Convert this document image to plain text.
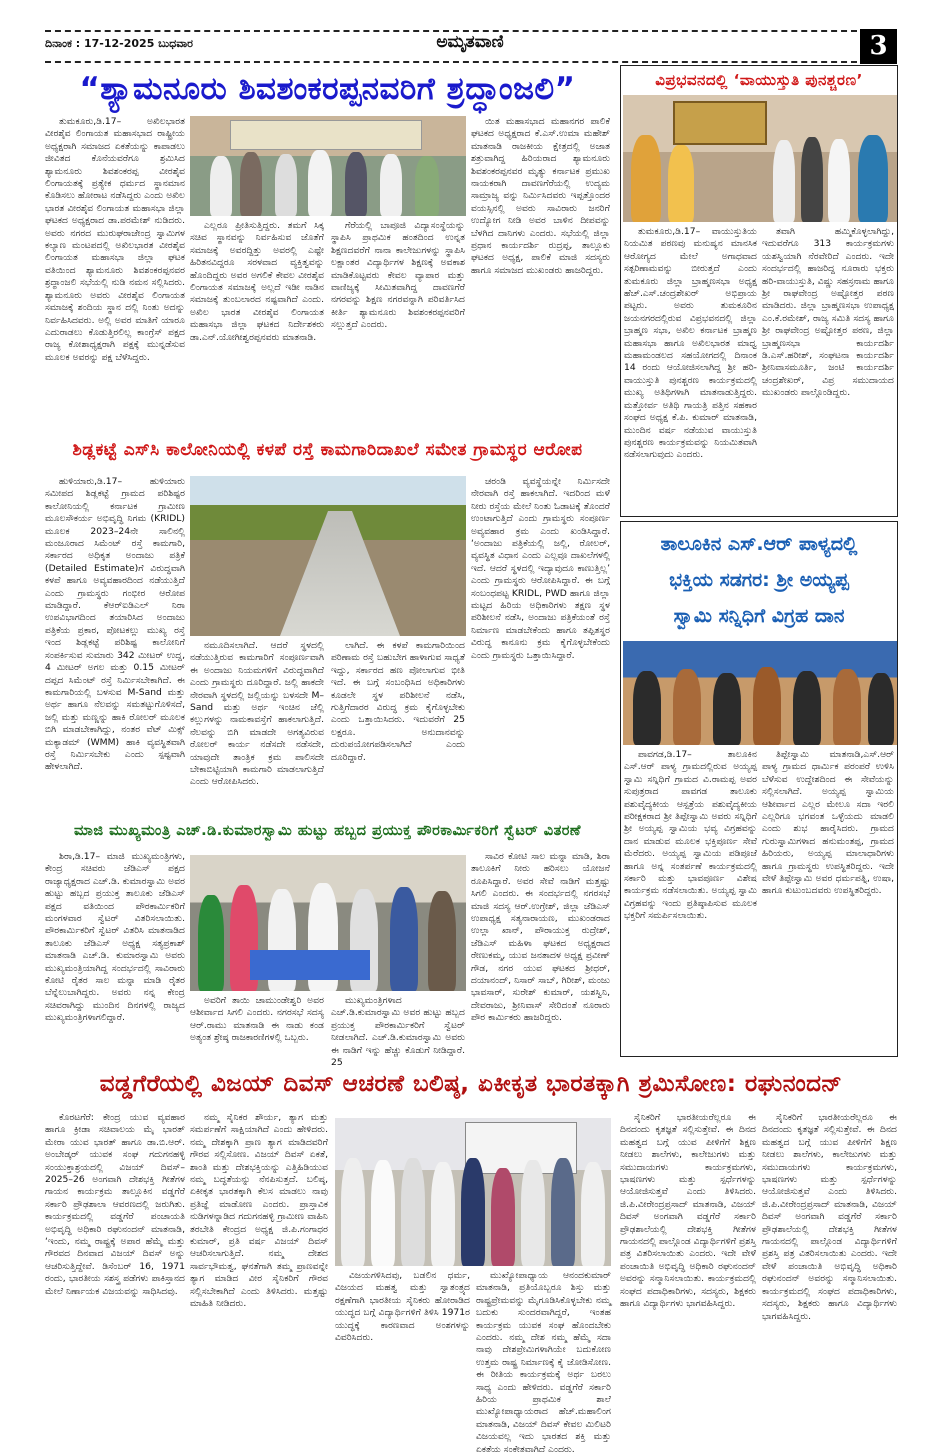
ದಿನಾಂಕ : 17-12-2025 ಬುಧವಾರ	ಅಮೃತವಾಣಿ	3
“ಶ್ಯಾಮನೂರು ಶಿವಶಂಕರಪ್ಪನವರಿಗೆ ಶ್ರದ್ಧಾಂಜಲಿ”
ತುಮಕೂರು,ಡಿ.17– ಅಖಿಲಭಾರತ ವೀರಶೈವ ಲಿಂಗಾಯತ ಮಹಾಸಭಾದ ರಾಷ್ಟ್ರೀಯ ಅಧ್ಯಕ್ಷರಾಗಿ ಸಮಾಜದ ಏಕತೆಯನ್ನು ಕಾಪಾಡಲು ಜೀವಿತದ ಕೊನೆಯವರೆಗೂ ಶ್ರಮಿಸಿದ ಶ್ಯಾಮನೂರು ಶಿವಶಂಕರಪ್ಪ ವೀರಶೈವ ಲಿಂಗಾಯತಕ್ಕೆ ಪ್ರತ್ಯೇಕ ಧರ್ಮದ ಸ್ಥಾನಮಾನ ಕೊಡಿಸಲು ಹೋರಾಟ ನಡೆಸಿದ್ದರು ಎಂದು ಅಖಿಲ ಭಾರತ ವೀರಶೈವ ಲಿಂಗಾಯತ ಮಹಾಸಭಾ ಜಿಲ್ಲಾ ಘಟಕದ ಅಧ್ಯಕ್ಷರಾದ ಡಾ.ಪರಮೇಶ್ ನುಡಿದರು. ಅವರು ನಗರದ ಮುರುಘರಾಜೇಂದ್ರ ಸ್ವಾಮಿಗಳ ಕಲ್ಯಾಣ ಮಂಟಪದಲ್ಲಿ ಅಖಿಲಭಾರತ ವೀರಶೈವ ಲಿಂಗಾಯತ ಮಹಾಸಭಾ ಜಿಲ್ಲಾ ಘಟಕ ವತಿಯಿಂದ ಶ್ಯಾಮನೂರು ಶಿವಶಂಕರಪ್ಪನವರ ಶ್ರದ್ಧಾಂಜಲಿ ಸಭೆಯಲ್ಲಿ ನುಡಿ ನಮನ ಸಲ್ಲಿಸಿದರು. ಶ್ಯಾಮನೂರು ಅವರು ವೀರಶೈವ ಲಿಂಗಾಯತ ಸಮಾಜಕ್ಕೆ ಶಂದಿಯ ಸ್ಥಾನ ದಲ್ಲಿ ನಿಂತು ಅದನ್ನು ನಿರ್ವಹಿಸಿದವರು. ಅಲ್ಲಿ ಅವರ ಮಾತಿಗೆ ಯಾರೂ ಎದುರಾಡಲು ಕೊಡುತ್ತಿರಲಿಲ್ಲ ಕಾಂಗ್ರೆಸ್ ಪಕ್ಷದ ರಾಜ್ಯ ಕೋಶಾಧ್ಯಕ್ಷರಾಗಿ ಪಕ್ಷಕ್ಕೆ ಮುನ್ನಡೆಸುವ ಮೂಲಕ ಅವರನ್ನು ಪಕ್ಷ ಬೆಳೆಸಿದ್ದರು.
ಎಲ್ಲರೂ ಪ್ರೀತಿಸುತ್ತಿದ್ದರು. ತಮಗೆ ಸಿಕ್ಕ ಸಚಿವ ಸ್ಥಾನವನ್ನು ನಿರ್ವಹಿಸುವ ಜೊತೆಗೆ ಸಮಾಜಕ್ಕೆ ಅವರದ್ದಿತ್ತು ಅವರಲ್ಲಿ ಎಷ್ಟೇ ಹಿರಿತನವಿದ್ದರೂ ಸರಳವಾದ ವ್ಯಕ್ತಿತ್ವವನ್ನು ಹೊಂದಿದ್ದರು ಅವರ ಅಗಲಿಕೆ ಕೇವಲ ವೀರಶೈವ ಲಿಂಗಾಯತ ಸಮಾಜಕ್ಕೆ ಅಲ್ಲದೆ ಇಡೀ ನಾಡಿನ ಸಮಾಜಕ್ಕೆ ತುಂಬಲಾರದ ನಷ್ಟವಾಗಿದೆ ಎಂದು. ಅಖಿಲ ಭಾರತ ವೀರಶೈವ ಲಿಂಗಾಯತ ಮಹಾಸಭಾ ಜಿಲ್ಲಾ ಘಟಕದ ನಿರ್ದೇಶಕರು ಡಾ.ಎನ್.ಯೋಗೀಶ್ವರಪ್ಪನವರು ಮಾತನಾಡಿ.
ಗೆರೆಯಲ್ಲಿ ಬಾಪೂಜಿ ವಿದ್ಯಾಸಂಸ್ಥೆಯನ್ನು ಸ್ಥಾಪಿಸಿ ಪ್ರಾಥಮಿಕ ಹಂತದಿಂದ ಉನ್ನತ ಶಿಕ್ಷಣದವರೆಗೆ ನಾನಾ ಕಾಲೇಜುಗಳನ್ನು ಸ್ಥಾಪಿಸಿ ಲಕ್ಷಾಂತರ ವಿದ್ಯಾರ್ಥಿಗಳ ಶಿಕ್ಷಣಕ್ಕೆ ಅವಕಾಶ ಮಾಡಿಕೊಟ್ಟವರು ಕೇವಲ ವ್ಯಾಪಾರ ಮತ್ತು ವಾಣಿಜ್ಯಕ್ಕೆ ಸೀಮಿತವಾಗಿದ್ದ ದಾವಣಗೆರೆ ನಗರವನ್ನು ಶಿಕ್ಷಣ ನಗರವನ್ನಾಗಿ ಪರಿವರ್ತಿಸಿದ ಕೀರ್ತಿ ಶ್ಯಾಮನೂರು ಶಿವಶಂಕರಪ್ಪನವರಿಗೆ ಸಲ್ಲುತ್ತದೆ ಎಂದರು.
ಯಿತ ಮಹಾಸಭಾದ ಮಹಾನಗರ ಪಾಲಿಕೆ ಘಟಕದ ಅಧ್ಯಕ್ಷರಾದ ಕೆ.ಎಸ್.ಉಮಾ ಮಹೇಶ್ ಮಾತನಾಡಿ ರಾಜಕೀಯ ಕ್ಷೇತ್ರದಲ್ಲಿ ಅಜಾತ ಶತ್ರುವಾಗಿದ್ದ ಹಿರಿಯರಾದ ಶ್ಯಾಮನೂರು ಶಿವಶಂಕರಪ್ಪನವರ ಮೃತ್ಯು ಕರ್ನಾಟಕ ಪ್ರಮುಖ ನಾಯಕರಾಗಿ ದಾವಣಗೆರೆಯಲ್ಲಿ ಉದ್ಯಮ ಸಾಮ್ರಾಜ್ಯ ವನ್ನು ನಿರ್ಮಿಸಿದವರು ಇಪ್ಪತ್ತೊಂದರ ವಯಸ್ಸಿನಲ್ಲಿ ಅವರು ಸಾವಿರಾರು ಜನರಿಗೆ ಉದ್ಯೋಗ ನೀಡಿ ಅವರ ಬಾಳಿನ ದೀಪವನ್ನು ಬೆಳಗಿದ ದಾನಿಗಳು ಎಂದರು. ಸಭೆಯಲ್ಲಿ ಜಿಲ್ಲಾ ಪ್ರಧಾನ ಕಾರ್ಯದರ್ಶಿ ರುದ್ರಪ್ಪ, ತಾಲ್ಲೂಕು ಘಟಕದ ಅಧ್ಯಕ್ಷ, ಪಾಲಿಕೆ ಮಾಜಿ ಸದಸ್ಯರು ಹಾಗೂ ಸಮಾಜದ ಮುಖಂಡರು ಹಾಜರಿದ್ದರು.
ವಿಪ್ರಭವನದಲ್ಲಿ ‘ವಾಯುಸ್ತುತಿ ಪುನಶ್ಚರಣ’
ತುಮಕೂರು,ಡಿ.17– ವಾಯುಸ್ತುತಿಯ ನಿಯಮಿತ ಪಠಣವು ಮನುಷ್ಯನ ಮಾನಸಿಕ ಆರೋಗ್ಯದ ಮೇಲೆ ಅಗಾಧವಾದ ಸತ್ಪರಿಣಾಮವನ್ನು ಬೀರುತ್ತದೆ ಎಂದು ತುಮಕೂರು ಜಿಲ್ಲಾ ಬ್ರಾಹ್ಮಣಸಭಾ ಅಧ್ಯಕ್ಷ ಹೆಚ್.ಎಸ್.ಚಂದ್ರಶೇಖರ್ ಅಭಿಪ್ರಾಯ ಪಟ್ಟರು. ಅವರು ತುಮಕೂರಿನ ಜಯನಗರದಲ್ಲಿರುವ ವಿಪ್ರಭವನದಲ್ಲಿ ಜಿಲ್ಲಾ ಬ್ರಾಹ್ಮಣ ಸಭಾ, ಅಖಿಲ ಕರ್ನಾಟಕ ಬ್ರಾಹ್ಮಣ ಮಹಾಸಭಾ ಹಾಗೂ ಅಖಿಲಭಾರತ ಮಾಧ್ವ ಮಹಾಮಂಡಲದ ಸಹಯೋಗದಲ್ಲಿ ದಿನಾಂಕ 14 ರಂದು ಆಯೋಜಿಸಲಾಗಿದ್ದ ಶ್ರೀ ಹರಿ-ವಾಯುಸ್ತುತಿ ಪುನಶ್ಚರಣ ಕಾರ್ಯಕ್ರಮದಲ್ಲಿ ಮುಖ್ಯ ಅತಿಥಿಗಳಾಗಿ ಮಾತನಾಡುತ್ತಿದ್ದರು. ಮತ್ತೋರ್ವ ಅತಿಥಿ ಗಾಯತ್ರಿ ಪತ್ತಿನ ಸಹಕಾರ ಸಂಘದ ಅಧ್ಯಕ್ಷ ಕೆ.ಪಿ. ಕುಮಾರ್ ಮಾತನಾಡಿ, ಮುಂದಿನ ವರ್ಷ ನಡೆಯುವ ವಾಯುಸ್ತುತಿ ಪುನಶ್ಚರಣ ಕಾರ್ಯಕ್ರಮವನ್ನು ನಿಯಮಿತವಾಗಿ ನಡೆಸಲಾಗುವುದು ಎಂದರು.
ತವಾಗಿ ಹಮ್ಮಿಕೊಳ್ಳಲಾಗಿದ್ದು, ಇದುವರೆಗೂ 313 ಕಾರ್ಯಕ್ರಮಗಳು ಯಶಸ್ವಿಯಾಗಿ ನೆರವೇರಿದೆ ಎಂದರು. ಇದೇ ಸಂದರ್ಭದಲ್ಲಿ ಹಾಜರಿದ್ದ ನೂರಾರು ಭಕ್ತರು ಹರಿ-ವಾಯುಸ್ತುತಿ, ವಿಷ್ಣು ಸಹಸ್ರನಾಮ ಹಾಗೂ ಶ್ರೀ ರಾಘವೇಂದ್ರ ಅಷ್ಟೋತ್ತರ ಪಠಣ ಮಾಡಿದರು. ಜಿಲ್ಲಾ ಬ್ರಾಹ್ಮಣಸಭಾ ಉಪಾಧ್ಯಕ್ಷ ಎಂ.ಕೆ.ರಮೇಶ್, ರಾಜ್ಯ ಸಮಿತಿ ಸದಸ್ಯ ಹಾಗೂ ಶ್ರೀ ರಾಘವೇಂದ್ರ ಅಷ್ಟೋತ್ತರ ಪಠಣ, ಜಿಲ್ಲಾ ಬ್ರಾಹ್ಮಣಸಭಾ ಕಾರ್ಯದರ್ಶಿ ಡಿ.ಎಸ್.ಹರೀಶ್, ಸಂಘಟನಾ ಕಾರ್ಯದರ್ಶಿ ಶ್ರೀನಿವಾಸಮೂರ್ತಿ, ಜಂಟಿ ಕಾರ್ಯದರ್ಶಿ ಚಂದ್ರಶೇಖರ್, ವಿಪ್ರ ಸಮುದಾಯದ ಮುಖಂಡರು ಪಾಲ್ಗೊಂಡಿದ್ದರು.
ಶಿಡ್ಲಕಟ್ಟೆ ಎಸ್‌ಸಿ ಕಾಲೋನಿಯಲ್ಲಿ ಕಳಪೆ ರಸ್ತೆ ಕಾಮಗಾರಿದಾಖಲೆ ಸಮೇತ ಗ್ರಾಮಸ್ಥರ ಆರೋಪ
ಹುಳಿಯಾರು,ಡಿ.17– ಹುಳಿಯಾರು ಸಮೀಪದ ಶಿಡ್ಲಕಟ್ಟೆ ಗ್ರಾಮದ ಪರಿಶಿಷ್ಟರ ಕಾಲೋನಿಯಲ್ಲಿ ಕರ್ನಾಟಕ ಗ್ರಾಮೀಣ ಮೂಲಸೌಕರ್ಯ ಅಭಿವೃದ್ಧಿ ನಿಗಮ (KRIDL) ಮೂಲಕ 2023–24ನೇ ಸಾಲಿನಲ್ಲಿ ಮಂಜೂರಾದ ಸಿಮೆಂಟ್ ರಸ್ತೆ ಕಾಮಗಾರಿ, ಸರ್ಕಾರದ ಅಧಿಕೃತ ಅಂದಾಜು ಪತ್ರಿಕೆ (Detailed Estimate)ಗೆ ವಿರುದ್ಧವಾಗಿ ಕಳಪೆ ಹಾಗೂ ಅವ್ಯವಹಾರದಿಂದ ನಡೆಯುತ್ತಿದೆ ಎಂದು ಗ್ರಾಮಸ್ಥರು ಗಂಭೀರ ಆರೋಪ ಮಾಡಿದ್ದಾರೆ. ಕೆಆರ್‌ಐಡಿಎಲ್ ನಿರಾ ಉಪವಿಭಾಗದಿಂದ ತಯಾರಿಸಿದ ಅಂದಾಜು ಪತ್ರಿಕೆಯ ಪ್ರಕಾರ, ಪೋಟಕಲ್ಲು ಮುಖ್ಯ ರಸ್ತೆ ಇಂದ ಶಿಡ್ಲಕಟ್ಟೆ ಪರಿಶಿಷ್ಟ ಕಾಲೋನಿಗೆ ಸಂಪರ್ಕಿಸುವ ಸುಮಾರು 342 ಮೀಟರ್ ಉದ್ದ, 4 ಮೀಟರ್ ಅಗಲ ಮತ್ತು 0.15 ಮೀಟರ್ ದಪ್ಪದ ಸಿಮೆಂಟ್ ರಸ್ತೆ ನಿರ್ಮಿಸಬೇಕಾಗಿದೆ. ಈ ಕಾಮಗಾರಿಯಲ್ಲಿ ಬಳಸುವ M-Sand ಮತ್ತು ಅರ್ಥ ಹಾಗೂ ನೆಲವನ್ನು ಸಮತಟ್ಟುಗೊಳಿಸದೆ, ಜಲ್ಲಿ ಮತ್ತು ಮಣ್ಣನ್ನು ಹಾಕಿ ರೋಲರ್ ಮೂಲಕ ಬಿಗಿ ಮಾಡಬೇಕಾಗಿದ್ದು, ನಂತರ ವೆಟ್ ಮಿಕ್ಸ್ ಮಕ್ಯಾಡಮ್ (WMM) ಹಾಕಿ ವ್ಯವಸ್ಥಿತವಾಗಿ ರಸ್ತೆ ನಿರ್ಮಿಸಬೇಕು ಎಂದು ಸ್ಪಷ್ಟವಾಗಿ ಹೇಳಲಾಗಿದೆ.
ನಮೂದಿಸಲಾಗಿದೆ. ಆದರೆ ಸ್ಥಳದಲ್ಲಿ ನಡೆಯುತ್ತಿರುವ ಕಾಮಗಾರಿಗೆ ಸಂಪೂರ್ಣವಾಗಿ ಈ ಅಂದಾಜು ನಿಯಮಗಳಿಗೆ ವಿರುದ್ಧವಾಗಿದೆ ಎಂದು ಗ್ರಾಮಸ್ಥರು ದೂರಿದ್ದಾರೆ. ಜಲ್ಲಿ ಹಾಕದೇ ನೇರವಾಗಿ ಸ್ಥಳದಲ್ಲಿ ಜಲ್ಲಿಯನ್ನು ಬಳಸದೇ M–Sand ಮತ್ತು ಅರ್ಥ ಇಂಚಿನ ಜೆಲ್ಲಿ ಕಲ್ಲುಗಳನ್ನು ನಾಮಕಾವಸ್ತೆಗೆ ಹಾಕಲಾಗುತ್ತಿದೆ. ನೆಲವನ್ನು ಬಿಗಿ ಮಾಡದೇ ಅಗತ್ಯವಿರುವ ರೋಲರ್ ಕಾರ್ಯ ನಡೆಸದೇ ನಡೆಸದೇ, ಯಾವುದೇ ತಾಂತ್ರಿಕ ಕ್ರಮ ಪಾಲಿಸದೇ ಬೇಕಾಬಿಟ್ಟಿಯಾಗಿ ಕಾಮಗಾರಿ ಮಾಡಲಾಗುತ್ತಿದೆ ಎಂದು ಆರೋಪಿಸಿದರು.
ಲಾಗಿದೆ. ಈ ಕಳಪೆ ಕಾಮಗಾರಿಯಿಂದ ಪರಿಣಾಮ ರಸ್ತೆ ಬಹುಬೇಗ ಹಾಳಾಗುವ ಸಾಧ್ಯತೆ ಇದ್ದು, ಸರ್ಕಾರದ ಹಣ ಪೋಲಾಗುವ ಭೀತಿ ಇದೆ. ಈ ಬಗ್ಗೆ ಸಂಬಂಧಿಸಿದ ಅಧಿಕಾರಿಗಳು ಕೂಡಲೇ ಸ್ಥಳ ಪರಿಶೀಲನೆ ನಡೆಸಿ, ಗುತ್ತಿಗೆದಾರರ ವಿರುದ್ಧ ಕ್ರಮ ಕೈಗೊಳ್ಳಬೇಕು ಎಂದು ಒತ್ತಾಯಿಸಿದರು. ಇದುವರೆಗೆ 25 ಲಕ್ಷರೂ. ಅನುದಾನವನ್ನು ದುರುಪಯೋಗಪಡಿಸಲಾಗಿದೆ ಎಂದು ದೂರಿದ್ದಾರೆ.
ಚರಂಡಿ ವ್ಯವಸ್ಥೆಯನ್ನೇ ನಿರ್ಮಿಸದೇ ನೇರವಾಗಿ ರಸ್ತೆ ಹಾಕಲಾಗಿದೆ. ಇದರಿಂದ ಮಳೆ ನೀರು ರಸ್ತೆಯ ಮೇಲೆ ನಿಂತು ಓಡಾಟಕ್ಕೆ ತೊಂದರೆ ಉಂಟಾಗುತ್ತಿದೆ ಎಂದು ಗ್ರಾಮಸ್ಥರು ಸಂಪೂರ್ಣ ಅವ್ಯವಹಾರ ಕ್ರಮ ಎಂದು ಖಂಡಿಸಿದ್ದಾರೆ. ‘ಅಂದಾಜು ಪತ್ರಿಕೆಯಲ್ಲಿ ಜಲ್ಲಿ, ರೋಲರ್, ವ್ಯವಸ್ಥಿತ ವಿಧಾನ ಎಂದು ಎಲ್ಲವೂ ದಾಖಲೆಗಳಲ್ಲಿ ಇದೆ. ಆದರೆ ಸ್ಥಳದಲ್ಲಿ ಇದ್ಯಾವುದೂ ಕಾಣುತ್ತಿಲ್ಲ’ ಎಂದು ಗ್ರಾಮಸ್ಥರು ಆರೋಪಿಸಿದ್ದಾರೆ. ಈ ಬಗ್ಗೆ ಸಂಬಂಧಪಟ್ಟ KRIDL, PWD ಹಾಗೂ ಜಿಲ್ಲಾ ಮಟ್ಟದ ಹಿರಿಯ ಅಧಿಕಾರಿಗಳು ತಕ್ಷಣ ಸ್ಥಳ ಪರಿಶೀಲನೆ ನಡೆಸಿ, ಅಂದಾಜು ಪತ್ರಿಕೆಯಂತೆ ರಸ್ತೆ ನಿರ್ಮಾಣ ಮಾಡಬೇಕೆಂದು ಹಾಗೂ ತಪ್ಪಿತಸ್ಥರ ವಿರುದ್ಧ ಕಾನೂನು ಕ್ರಮ ಕೈಗೊಳ್ಳಬೇಕೆಂದು ಎಂದು ಗ್ರಾಮಸ್ಥರು ಒತ್ತಾಯಿಸಿದ್ದಾರೆ.
ತಾಲೂಕಿನ ಎಸ್.ಆರ್ ಪಾಳ್ಯದಲ್ಲಿ
ಭಕ್ತಿಯ ಸಡಗರ: ಶ್ರೀ ಅಯ್ಯಪ್ಪ
ಸ್ವಾಮಿ ಸನ್ನಿಧಿಗೆ ವಿಗ್ರಹ ದಾನ
ಪಾವಗಡ,ಡಿ.17– ತಾಲೂಕಿನ ಎಸ್.ಆರ್ ಪಾಳ್ಯ ಗ್ರಾಮದಲ್ಲಿರುವ ಅಯ್ಯಪ್ಪ ಸ್ವಾಮಿ ಸನ್ನಿಧಿಗೆ ಗ್ರಾಮದ ವಿ.ರಾಮಪ್ಪ ಅವರ ಸುಪುತ್ರರಾದ ಪಾವಗಡ ತಾಲೂಕು ಪಶುವೈದ್ಯಕೀಯ ಆಸ್ಪತ್ರೆಯ ಪಶುವೈದ್ಯಕೀಯ ಪರೀಕ್ಷಕರಾದ ಶ್ರೀ ತಿಪ್ಪೇಸ್ವಾಮಿ ಅವರು ಸನ್ನಿಧಿಗೆ ಶ್ರೀ ಅಯ್ಯಪ್ಪ ಸ್ವಾಮಿಯ ಭವ್ಯ ವಿಗ್ರಹವನ್ನು ದಾನ ಮಾಡುವ ಮೂಲಕ ಭಕ್ತಿಪೂರ್ಣ ಸೇವೆ ಮೆರೆದರು. ಅಯ್ಯಪ್ಪ ಸ್ವಾಮಿಯ ಪಡಿಪೂಜೆ ಹಾಗೂ ಅನ್ನ ಸಂತರ್ಪಣೆ ಕಾರ್ಯಕ್ರಮದಲ್ಲಿ ಸರ್ಕಾರಿ ಮತ್ತು ಭಾವಪೂರ್ಣ ವಿಶೇಷ ಕಾರ್ಯಕ್ರಮ ನಡೆಸಲಾಯಿತು. ಅಯ್ಯಪ್ಪ ಸ್ವಾಮಿ ವಿಗ್ರಹವನ್ನು ಇಂದು ಪ್ರತಿಷ್ಠಾಪಿಸುವ ಮೂಲಕ ಭಕ್ತರಿಗೆ ಸಮರ್ಪಿಸಲಾಯಿತು.
ತಿಪ್ಪೇಸ್ವಾಮಿ ಮಾತನಾಡಿ,ಎಸ್.ಆರ್ ಪಾಳ್ಯ ಗ್ರಾಮದ ಧಾರ್ಮಿಕ ಪರಂಪರೆ ಉಳಿಸಿ ಬೆಳೆಸುವ ಉದ್ದೇಶದಿಂದ ಈ ಸೇವೆಯನ್ನು ಸಲ್ಲಿಸಲಾಗಿದೆ. ಅಯ್ಯಪ್ಪ ಸ್ವಾಮಿಯ ಆಶೀರ್ವಾದ ಎಲ್ಲರ ಮೇಲೂ ಸದಾ ಇರಲಿ ಎಲ್ಲರಿಗೂ ಭಗವಂತ ಒಳ್ಳೆಯದು ಮಾಡಲಿ ಎಂದು ಶುಭ ಹಾರೈಸಿದರು. ಗ್ರಾಮದ ಗುರುಸ್ವಾಮಿಗಳಾದ ಹನುಮಂತಪ್ಪ, ಗ್ರಾಮದ ಹಿರಿಯರು, ಅಯ್ಯಪ್ಪ ಮಾಲಾಧಾರಿಗಳು ಹಾಗೂ ಗ್ರಾಮಸ್ಥರು ಉಪಸ್ಥಿತರಿದ್ದರು. ಇದೇ ವೇಳೆ ತಿಪ್ಪೇಸ್ವಾಮಿ ಅವರ ಧರ್ಮಪತ್ನಿ, ಉಷಾ, ಹಾಗೂ ಕುಟುಂಬದವರು ಉಪಸ್ಥಿತರಿದ್ದರು.
ಮಾಜಿ ಮುಖ್ಯಮಂತ್ರಿ ಎಚ್.ಡಿ.ಕುಮಾರಸ್ವಾಮಿ ಹುಟ್ಟು ಹಬ್ಬದ ಪ್ರಯುಕ್ತ ಪೌರಕಾರ್ಮಿಕರಿಗೆ ಸ್ವೆಟರ್ ವಿತರಣೆ
ಶಿರಾ,ಡಿ.17– ಮಾಜಿ ಮುಖ್ಯಮಂತ್ರಿಗಳು, ಕೇಂದ್ರ ಸಚಿವರು ಜೆಡಿಎಸ್ ಪಕ್ಷದ ರಾಜ್ಯಾಧ್ಯಕ್ಷರಾದ ಎಚ್.ಡಿ. ಕುಮಾರಸ್ವಾಮಿ ಅವರ ಹುಟ್ಟು ಹಬ್ಬದ ಪ್ರಯುಕ್ತ ತಾಲೂಕು ಜೆಡಿಎಸ್ ಪಕ್ಷದ ವತಿಯಿಂದ ಪೌರಕಾರ್ಮಿಕರಿಗೆ ಮಂಗಳವಾರ ಸ್ವೆಟರ್ ವಿತರಿಸಲಾಯಿತು. ಪೌರಕಾರ್ಮಿಕರಿಗೆ ಸ್ವೆಟರ್ ವಿತರಿಸಿ ಮಾತನಾಡಿದ ತಾಲೂಕು ಜೆಡಿಎಸ್ ಅಧ್ಯಕ್ಷ ಸತ್ಯಪ್ರಕಾಶ್ ಮಾತನಾಡಿ ಎಚ್.ಡಿ. ಕುಮಾರಸ್ವಾಮಿ ಅವರು ಮುಖ್ಯಮಂತ್ರಿಯಾಗಿದ್ದ ಸಂದರ್ಭದಲ್ಲಿ ಸಾವಿರಾರು ಕೋಟಿ ರೈತರ ಸಾಲ ಮನ್ನಾ ಮಾಡಿ ರೈತರ ಬೆನ್ನೆಲುಬಾಗಿದ್ದರು. ಅವರು ನನ್ನ ಕೇಂದ್ರ ಸಚಿವರಾಗಿದ್ದು ಮುಂದಿನ ದಿನಗಳಲ್ಲಿ ರಾಜ್ಯದ ಮುಖ್ಯಮಂತ್ರಿಗಳಾಗಲಿದ್ದಾರೆ.
ಅವರಿಗೆ ತಾಯಿ ಚಾಮುಂಡೇಶ್ವರಿ ಅವರ ಆಶೀರ್ವಾದ ಸಿಗಲಿ ಎಂದರು. ನಗರಸಭೆ ಸದಸ್ಯ ಆರ್.ರಾಮು ಮಾತನಾಡಿ ಈ ನಾಡು ಕಂಡ ಅತ್ಯಂತ ಶ್ರೇಷ್ಠ ರಾಜಕಾರಣಿಗಳಲ್ಲಿ ಒಬ್ಬರು.
ಮುಖ್ಯಮಂತ್ರಿಗಳಾದ ಎಚ್.ಡಿ.ಕುಮಾರಸ್ವಾಮಿ ಅವರ ಹುಟ್ಟು ಹಬ್ಬದ ಪ್ರಯುಕ್ತ ಪೌರಕಾರ್ಮಿಕರಿಗೆ ಸ್ವೆಟರ್ ನೀಡಲಾಗಿದೆ. ಎಚ್.ಡಿ.ಕುಮಾರಸ್ವಾಮಿ ಅವರು ಈ ನಾಡಿಗೆ ಇನ್ನು ಹೆಚ್ಚು ಕೊಡುಗೆ ನೀಡಿದ್ದಾರೆ. 25
ಸಾವಿರ ಕೋಟಿ ಸಾಲ ಮನ್ನಾ ಮಾಡಿ, ಶಿರಾ ತಾಲೂಕಿಗೆ ನೀರು ಹರಿಸಲು ಯೋಜನೆ ರೂಪಿಸಿದ್ದಾರೆ. ಅವರ ಸೇವೆ ನಾಡಿಗೆ ಮತ್ತಷ್ಟು ಸಿಗಲಿ ಎಂದರು. ಈ ಸಂದರ್ಭದಲ್ಲಿ ನಗರಸಭೆ ಮಾಜಿ ಸದಸ್ಯ ಆರ್.ಉಗ್ರೇಶ್, ಜಿಲ್ಲಾ ಜೆಡಿಎಸ್ ಉಪಾಧ್ಯಕ್ಷ ಸತ್ಯನಾರಾಯಣ, ಮುಖಂಡರಾದ ಉಲ್ಲಾ ಖಾನ್, ಪೌರಾಯುಕ್ತ ರುದ್ರೇಶ್, ಜೆಡಿಎಸ್ ಮಹಿಳಾ ಘಟಕದ ಅಧ್ಯಕ್ಷರಾದ ರೇಣುಕಮ್ಮ, ಯುವ ಜನತಾದಳ ಅಧ್ಯಕ್ಷ ಪ್ರವೀಣ್ ಗೌಡ, ನಗರ ಯುವ ಘಟಕದ ಶ್ರೀಧರ್, ದಯಾನಂದ್, ನಿಸಾರ್ ಸಾಬ್, ಗಿರೀಶ್, ಮಂಜು ಭಾವಸಾರ್, ಸುರೇಶ್ ಕುಮಾರ್, ಯಶಸ್ವಿನಿ, ದೇವರಾಜು, ಶ್ರೀನಿವಾಸ್ ಸೇರಿದಂತೆ ನೂರಾರು ಪೌರ ಕಾರ್ಮಿಕರು ಹಾಜರಿದ್ದರು.
ವಡ್ಡಗೆರೆಯಲ್ಲಿ ವಿಜಯ್ ದಿವಸ್ ಆಚರಣೆ ಬಲಿಷ್ಠ, ಏಕೀಕೃತ ಭಾರತಕ್ಕಾಗಿ ಶ್ರಮಿಸೋಣ: ರಘುನಂದನ್
ಕೊರಟಗೆರೆ: ಕೇಂದ್ರ ಯುವ ವ್ಯವಹಾರ ಹಾಗೂ ಕ್ರೀಡಾ ಸಚಿವಾಲಯ ಮೈ ಭಾರತ್ ಮೇರಾ ಯುವ ಭಾರತ್ ಹಾಗೂ ಡಾ.ಬಿ.ಆರ್. ಅಂಬೇಡ್ಕರ್ ಯುವಕ ಸಂಘ ಗದುಗನಹಳ್ಳಿ ಸಂಯುಕ್ತಾಶ್ರಯದಲ್ಲಿ ವಿಜಯ್ ದಿವಸ್–2025–26 ಅಂಗವಾಗಿ ದೇಶಭಕ್ತಿ ಗೀತೆಗಳ ಗಾಯನ ಕಾರ್ಯಕ್ರಮ ತಾಲ್ಲೂಕಿನ ವಡ್ಡಗೆರೆ ಸರ್ಕಾರಿ ಪ್ರೌಢಶಾಲಾ ಆವರಣದಲ್ಲಿ ಜರುಗಿತು. ಕಾರ್ಯಕ್ರಮದಲ್ಲಿ ವಡ್ಡಗೆರೆ ಪಂಚಾಯತಿ ಅಭಿವೃದ್ಧಿ ಅಧಿಕಾರಿ ರಘುನಂದನ್ ಮಾತನಾಡಿ, ‘ಇಂದು, ನಮ್ಮ ರಾಷ್ಟ್ರಕ್ಕೆ ಅಪಾರ ಹೆಮ್ಮೆ ಮತ್ತು ಗೌರವದ ದಿನವಾದ ವಿಜಯ್ ದಿವಸ್ ಅನ್ನು ಆಚರಿಸುತ್ತಿದ್ದೇವೆ. ಡಿಸೆಂಬರ್ 16, 1971 ರಂದು, ಭಾರತೀಯ ಸಶಸ್ತ್ರ ಪಡೆಗಳು ಪಾಕಿಸ್ತಾನದ ಮೇಲೆ ನಿರ್ಣಾಯಕ ವಿಜಯವನ್ನು ಸಾಧಿಸಿದವು.
ನಮ್ಮ ಸೈನಿಕರ ಶೌರ್ಯ, ತ್ಯಾಗ ಮತ್ತು ಸಮರ್ಪಣೆಗೆ ಸಾಕ್ಷಿಯಾಗಿದೆ ಎಂದು ಹೇಳಿದರು. ನಮ್ಮ ದೇಶಕ್ಕಾಗಿ ಪ್ರಾಣ ತ್ಯಾಗ ಮಾಡಿದವರಿಗೆ ಗೌರವ ಸಲ್ಲಿಸೋಣ. ವಿಜಯ್ ದಿವಸ್ ಏಕತೆ, ಶಾಂತಿ ಮತ್ತು ದೇಶಭಕ್ತಿಯನ್ನು ಎತ್ತಿಹಿಡಿಯುವ ನಮ್ಮ ಬದ್ಧತೆಯನ್ನು ನೆನಪಿಸುತ್ತದೆ. ಬಲಿಷ್ಠ, ಏಕೀಕೃತ ಭಾರತಕ್ಕಾಗಿ ಕೆಲಸ ಮಾಡಲು ನಾವು ಪ್ರತಿಜ್ಞೆ ಮಾಡೋಣ ಎಂದರು. ಪ್ರಾಸ್ತಾವಿಕ ನುಡಿಗಳನ್ನಾಡಿದ ಗದುಗನಹಳ್ಳಿ ಗ್ರಾಮೀಣ ವಾಹಿನಿ ತರಬೇತಿ ಕೇಂದ್ರದ ಅಧ್ಯಕ್ಷ ಜಿ.ಪಿ.ಗಂಗಾಧರ ಕುಮಾರ್, ಪ್ರತಿ ವರ್ಷ ವಿಜಯ್ ದಿವಸ್ ಆಚರಿಸಲಾಗುತ್ತಿದೆ. ನಮ್ಮ ದೇಶದ ಸಾರ್ವಭೌಮತ್ವ, ಘನತೆಗಾಗಿ ತಮ್ಮ ಪ್ರಾಣವನ್ನೇ ತ್ಯಾಗ ಮಾಡಿದ ವೀರ ಸೈನಿಕರಿಗೆ ಗೌರವ ಸಲ್ಲಿಸಬೇಕಾಗಿದೆ ಎಂದು ತಿಳಿಸಿದರು. ಮತ್ತಷ್ಟು ಮಾಹಿತಿ ನೀಡಿದರು.
ವಿಜಯಗಳಿಸಿದವು, ಬಡಲಿನ ಧರ್ಮ, ವಿಜಯದ ಮಹತ್ವ ಮತ್ತು ಸ್ವಾತಂತ್ರ್ಯದ ರಕ್ಷಣೆಗಾಗಿ ಭಾರತೀಯ ಸೈನಿಕರು ಹೋರಾಡಿದ ಯುದ್ಧದ ಬಗ್ಗೆ ವಿದ್ಯಾರ್ಥಿಗಳಿಗೆ ತಿಳಿಸಿ 1971ರ ಯುದ್ಧಕ್ಕೆ ಕಾರಣವಾದ ಅಂಶಗಳನ್ನು ವಿವರಿಸಿದರು.
ಮುಖ್ಯೋಪಾಧ್ಯಾಯ ಆನಂದಕುಮಾರ್ ಮಾತನಾಡಿ, ಪ್ರತಿಯೊಬ್ಬರೂ ಶಿಸ್ತು ಮತ್ತು ರಾಷ್ಟ್ರಪ್ರೇಮವನ್ನು ಮೈಗೂಡಿಸಿಕೊಳ್ಳಬೇಕು ನಮ್ಮ ಬದುಕು ಸುಂದರವಾಗಿದ್ದರೆ, ಇಂತಹ ಕಾರ್ಯಕ್ರಮ ಯುವಕ ಸಂಘ ಹೊಂದಬೇಕು ಎಂದರು. ನಮ್ಮ ದೇಶ ನಮ್ಮ ಹೆಮ್ಮೆ ಸದಾ ನಾವು ದೇಶಪ್ರೇಮಿಗಳಾಗಿಯೇ ಬದುಕೋಣ ಉತ್ತಮ ರಾಷ್ಟ್ರ ನಿರ್ಮಾಣಕ್ಕೆ ಕೈ ಜೋಡಿಸೋಣ. ಈ ರೀತಿಯ ಕಾರ್ಯಕ್ರಮಕ್ಕೆ ಅರ್ಥ ಬರಲು ಸಾಧ್ಯ ಎಂದು ಹೇಳಿದರು. ವಡ್ಡಗೆರೆ ಸರ್ಕಾರಿ ಹಿರಿಯ ಪ್ರಾಥಮಿಕ ಶಾಲೆ ಮುಖ್ಯೋಪಾಧ್ಯಾಯರಾದ ಹೆಚ್.ಮಹಾಲಿಂಗ ಮಾತನಾಡಿ, ವಿಜಯ್ ದಿವಸ್ ಕೇವಲ ಮಿಲಿಟರಿ ವಿಜಯವಲ್ಲ ಇದು ಭಾರತದ ಶಕ್ತಿ ಮತ್ತು ಏಕತೆಯ ಸಂಕೇತವಾಗಿದೆ ಎಂದರು.
ಸೈನಿಕರಿಗೆ ಭಾರತೀಯರೆಲ್ಲರೂ ಈ ದಿನದಂದು ಕೃತಜ್ಞತೆ ಸಲ್ಲಿಸುತ್ತೇವೆ. ಈ ದಿನದ ಮಹತ್ವದ ಬಗ್ಗೆ ಯುವ ಪೀಳಿಗೆಗೆ ಶಿಕ್ಷಣ ನೀಡಲು ಶಾಲೆಗಳು, ಕಾಲೇಜುಗಳು ಮತ್ತು ಸಮುದಾಯಗಳು ಕಾರ್ಯಕ್ರಮಗಳು, ಭಾಷಣಗಳು ಮತ್ತು ಸ್ಪರ್ಧೆಗಳನ್ನು ಆಯೋಜಿಸುತ್ತವೆ ಎಂದು ತಿಳಿಸಿದರು. ಜಿ.ಪಿ.ವೀರೇಂದ್ರಪ್ರಸಾದ್ ಮಾತನಾಡಿ, ವಿಜಯ್ ದಿವಸ್ ಅಂಗವಾಗಿ ವಡ್ಡಗೆರೆ ಸರ್ಕಾರಿ ಪ್ರೌಢಶಾಲೆಯಲ್ಲಿ ದೇಶಭಕ್ತಿ ಗೀತೆಗಳ ಗಾಯನದಲ್ಲಿ ಪಾಲ್ಗೊಂಡ ವಿದ್ಯಾರ್ಥಿಗಳಿಗೆ ಪ್ರಶಸ್ತಿ ಪತ್ರ ವಿತರಿಸಲಾಯಿತು ಎಂದರು. ಇದೇ ವೇಳೆ ಪಂಚಾಯಿತಿ ಅಭಿವೃದ್ಧಿ ಅಧಿಕಾರಿ ರಘುನಂದನ್ ಅವರನ್ನು ಸನ್ಮಾನಿಸಲಾಯಿತು. ಕಾರ್ಯಕ್ರಮದಲ್ಲಿ ಸಂಘದ ಪದಾಧಿಕಾರಿಗಳು, ಸದಸ್ಯರು, ಶಿಕ್ಷಕರು ಹಾಗೂ ವಿದ್ಯಾರ್ಥಿಗಳು ಭಾಗವಹಿಸಿದ್ದರು.
ಸೈನಿಕರಿಗೆ ಭಾರತೀಯರೆಲ್ಲರೂ ಈ ದಿನದಂದು ಕೃತಜ್ಞತೆ ಸಲ್ಲಿಸುತ್ತೇವೆ. ಈ ದಿನದ ಮಹತ್ವದ ಬಗ್ಗೆ ಯುವ ಪೀಳಿಗೆಗೆ ಶಿಕ್ಷಣ ನೀಡಲು ಶಾಲೆಗಳು, ಕಾಲೇಜುಗಳು ಮತ್ತು ಸಮುದಾಯಗಳು ಕಾರ್ಯಕ್ರಮಗಳು, ಭಾಷಣಗಳು ಮತ್ತು ಸ್ಪರ್ಧೆಗಳನ್ನು ಆಯೋಜಿಸುತ್ತವೆ ಎಂದು ತಿಳಿಸಿದರು. ಜಿ.ಪಿ.ವೀರೇಂದ್ರಪ್ರಸಾದ್ ಮಾತನಾಡಿ, ವಿಜಯ್ ದಿವಸ್ ಅಂಗವಾಗಿ ವಡ್ಡಗೆರೆ ಸರ್ಕಾರಿ ಪ್ರೌಢಶಾಲೆಯಲ್ಲಿ ದೇಶಭಕ್ತಿ ಗೀತೆಗಳ ಗಾಯನದಲ್ಲಿ ಪಾಲ್ಗೊಂಡ ವಿದ್ಯಾರ್ಥಿಗಳಿಗೆ ಪ್ರಶಸ್ತಿ ಪತ್ರ ವಿತರಿಸಲಾಯಿತು ಎಂದರು. ಇದೇ ವೇಳೆ ಪಂಚಾಯಿತಿ ಅಭಿವೃದ್ಧಿ ಅಧಿಕಾರಿ ರಘುನಂದನ್ ಅವರನ್ನು ಸನ್ಮಾನಿಸಲಾಯಿತು. ಕಾರ್ಯಕ್ರಮದಲ್ಲಿ ಸಂಘದ ಪದಾಧಿಕಾರಿಗಳು, ಸದಸ್ಯರು, ಶಿಕ್ಷಕರು ಹಾಗೂ ವಿದ್ಯಾರ್ಥಿಗಳು ಭಾಗವಹಿಸಿದ್ದರು.
